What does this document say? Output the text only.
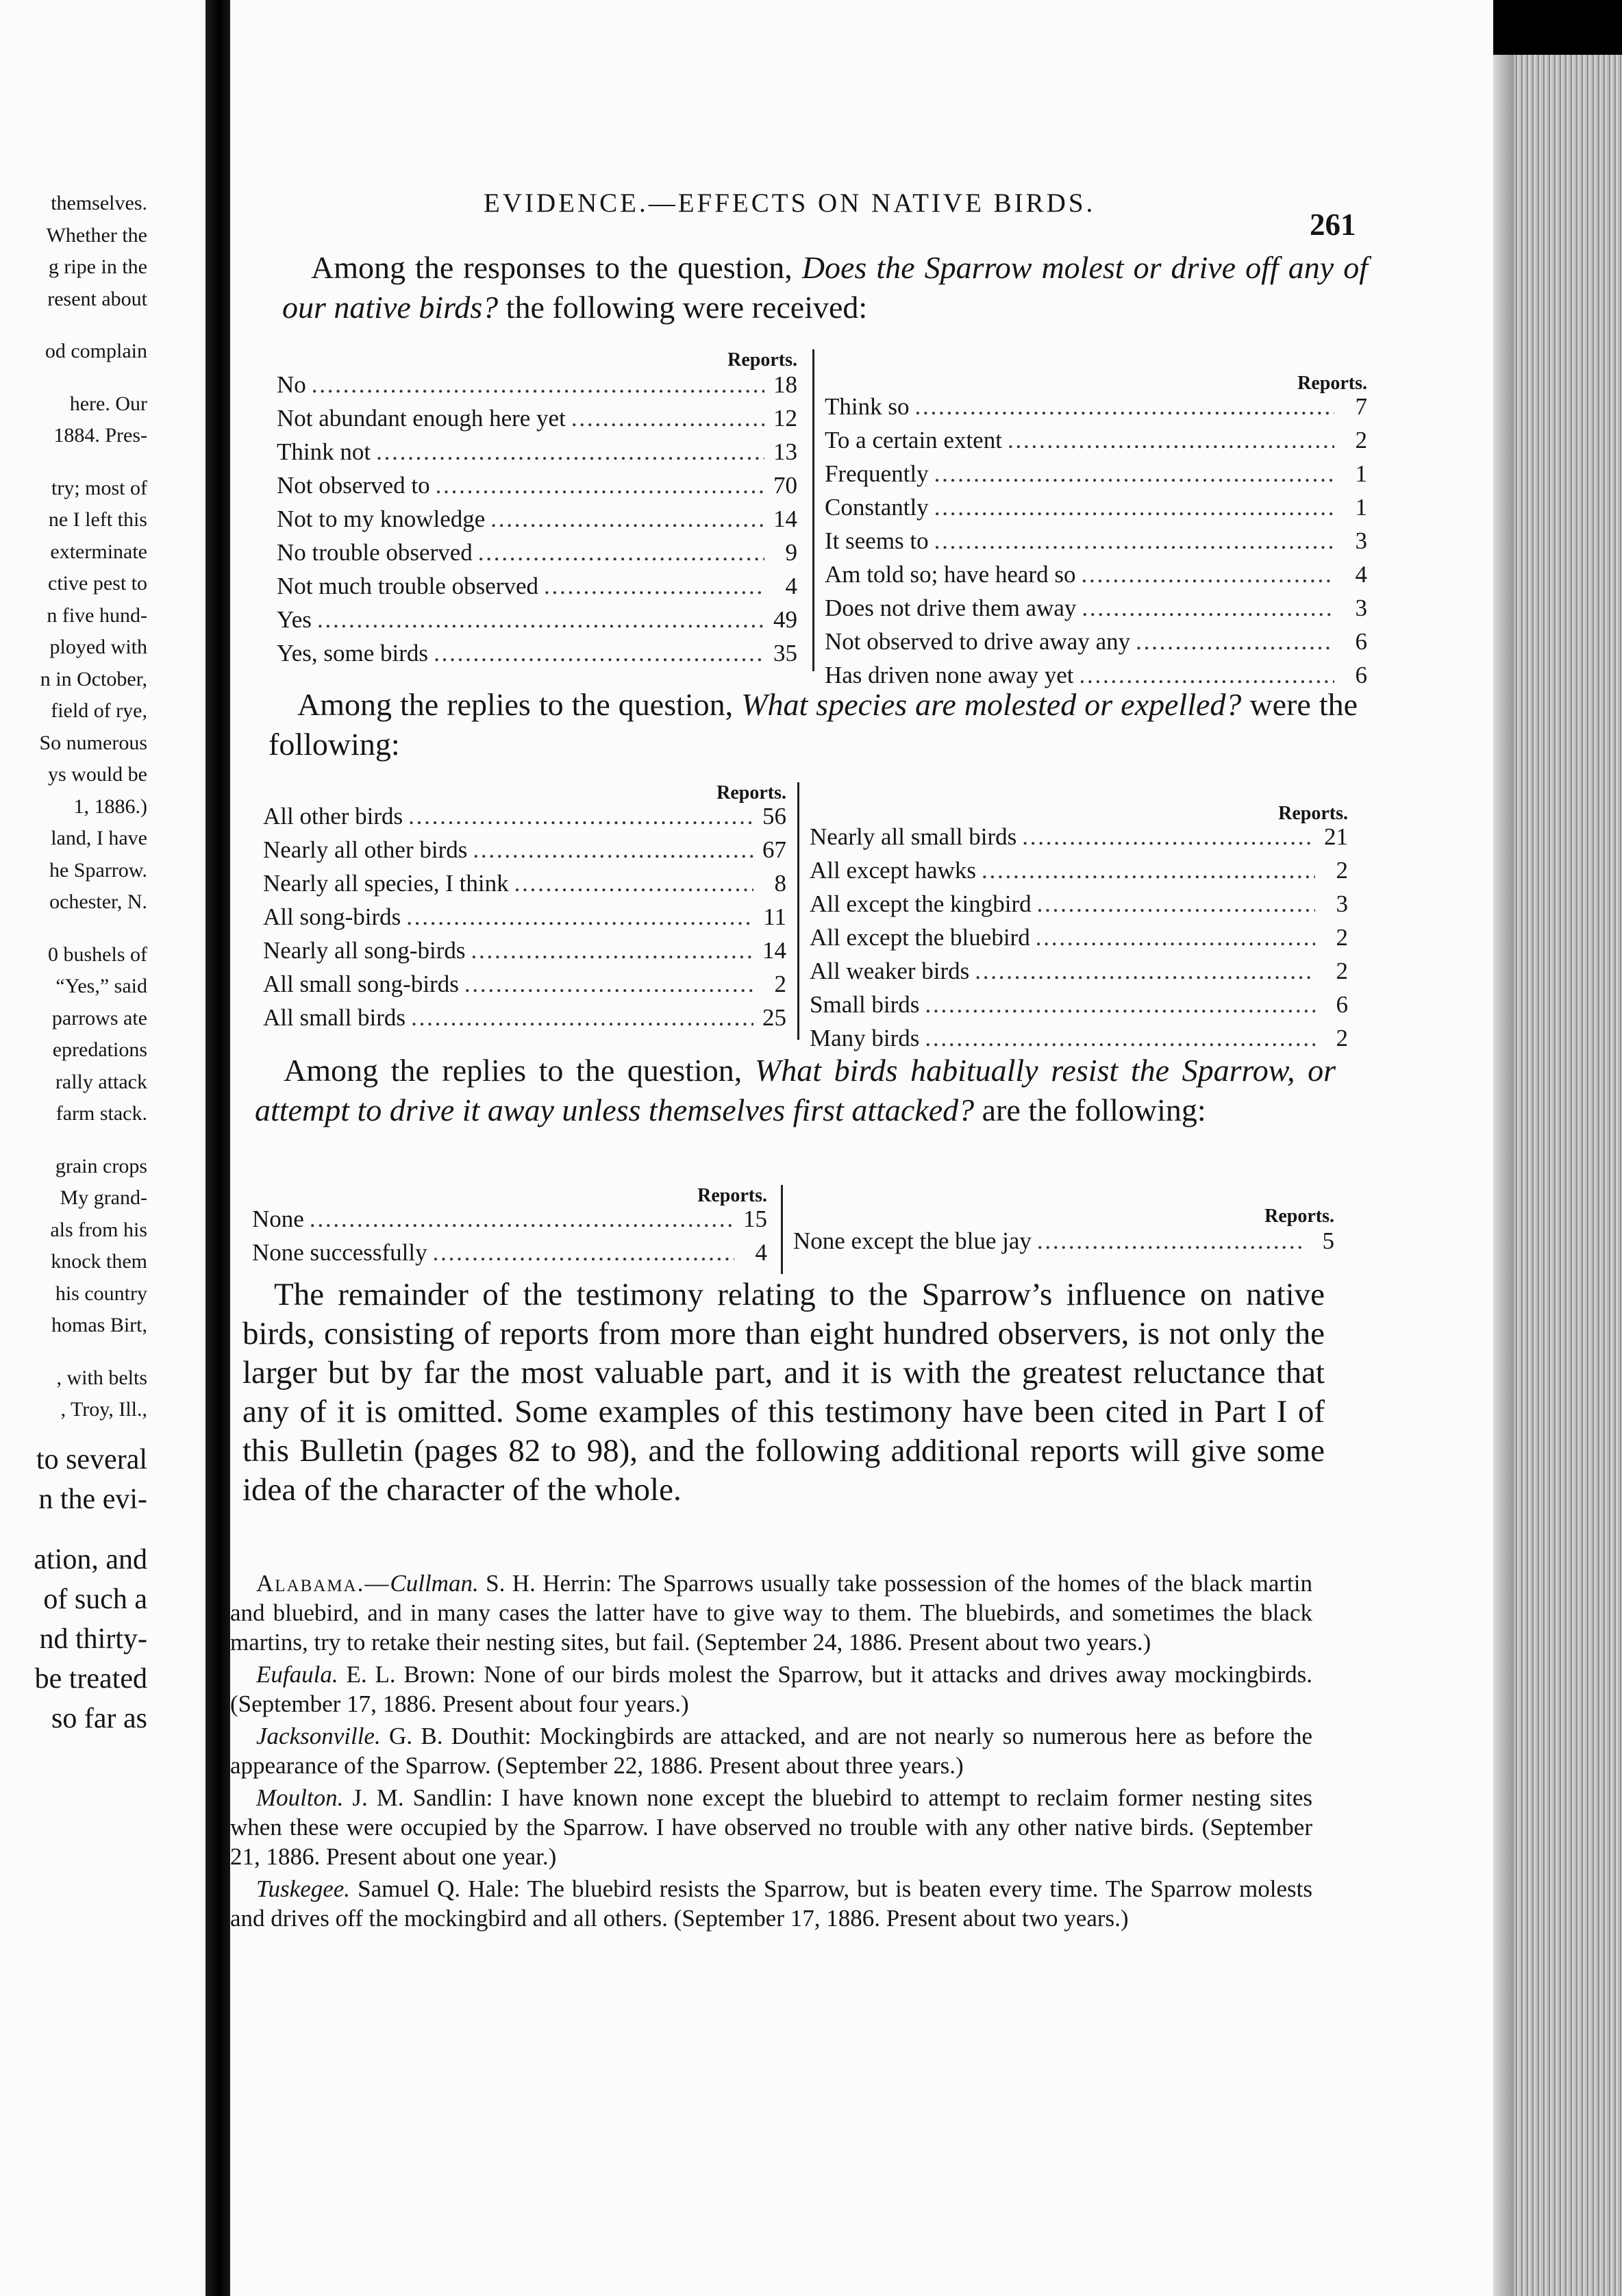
themselves.
Whether the
g ripe in the
resent about
od complain
here. Our
1884. Pres-
try; most of
ne I left this
exterminate
ctive pest to
n five hund-
ployed with
n in October,
field of rye,
So numerous
ys would be
1, 1886.)
land, I have
he Sparrow.
ochester, N.
0 bushels of
“Yes,” said
parrows ate
epredations
rally attack
farm stack.
grain crops
My grand-
als from his
knock them
his country
homas Birt,
, with belts
, Troy, Ill.,
to several
n the evi-
ation, and
of such a
nd thirty-
be treated
so far as
EVIDENCE.—EFFECTS ON NATIVE BIRDS.
261

Among the responses to the question, Does the Sparrow molest or drive off any of our native birds? the following were received:

Reports.
No . . .	18
Not abundant enough here yet . . .	12
Think not . . .	13
Not observed to . . .	70
Not to my knowledge . . .	14
No trouble observed . . .	9
Not much trouble observed . . .	4
Yes . . .	49
Yes, some birds . . .	35
Reports.
Think so . . .	7
To a certain extent . . .	2
Frequently . . .	1
Constantly . . .	1
It seems to . . .	3
Am told so; have heard so . . .	4
Does not drive them away . . .	3
Not observed to drive away any . . .	6
Has driven none away yet . . .	6

Among the replies to the question, What species are molested or expelled? were the following:

Reports.
All other birds . . .	56
Nearly all other birds . . .	67
Nearly all species, I think . . .	8
All song-birds . . .	11
Nearly all song-birds . . .	14
All small song-birds . . .	2
All small birds . . .	25
Reports.
Nearly all small birds . . .	21
All except hawks . . .	2
All except the kingbird . . .	3
All except the bluebird . . .	2
All weaker birds . . .	2
Small birds . . .	6
Many birds . . .	2

Among the replies to the question, What birds habitually resist the Sparrow, or attempt to drive it away unless themselves first attacked? are the following:

Reports.
None . . .	15
None successfully . . .	4
Reports.
None except the blue jay . . .	5

The remainder of the testimony relating to the Sparrow’s influence on native birds, consisting of reports from more than eight hundred observers, is not only the larger but by far the most valuable part, and it is with the greatest reluctance that any of it is omitted. Some examples of this testimony have been cited in Part I of this Bulletin (pages 82 to 98), and the following additional reports will give some idea of the character of the whole.

Alabama.—Cullman. S. H. Herrin: The Sparrows usually take possession of the homes of the black martin and bluebird, and in many cases the latter have to give way to them. The bluebirds, and sometimes the black martins, try to retake their nesting sites, but fail. (September 24, 1886. Present about two years.)

Eufaula. E. L. Brown: None of our birds molest the Sparrow, but it attacks and drives away mockingbirds. (September 17, 1886. Present about four years.)

Jacksonville. G. B. Douthit: Mockingbirds are attacked, and are not nearly so numerous here as before the appearance of the Sparrow. (September 22, 1886. Present about three years.)

Moulton. J. M. Sandlin: I have known none except the bluebird to attempt to reclaim former nesting sites when these were occupied by the Sparrow. I have observed no trouble with any other native birds. (September 21, 1886. Present about one year.)

Tuskegee. Samuel Q. Hale: The bluebird resists the Sparrow, but is beaten every time. The Sparrow molests and drives off the mockingbird and all others. (September 17, 1886. Present about two years.)
